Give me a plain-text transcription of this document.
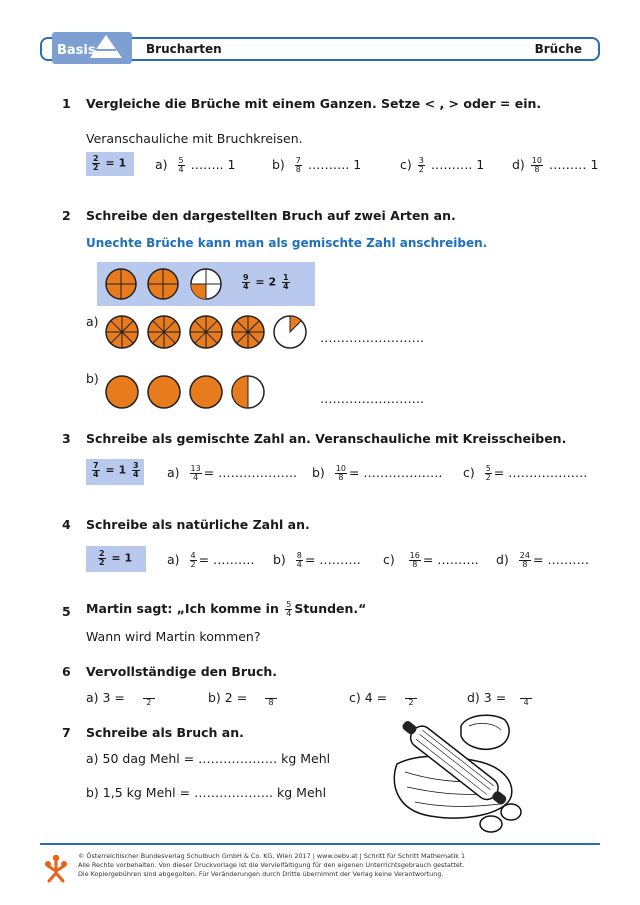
Basis	Brucharten	Brüche
1 Vergleiche die Brüche mit einem Ganzen. Setze < , > oder = ein.
Veranschauliche mit Bruchkreisen.
$\frac{2}{2} = 1$ $a) \frac{5}{4}$ …….. 1	$b) \frac{7}{8}$ ………. 1	$c) \frac{3}{2}$ ………. 1 $d) \frac{10}{8}$ ……… 1
2 Schreibe den dargestellten Bruch auf zwei Arten an.
Unechte Brüche kann man als gemischte Zahl anschreiben.
$\frac{9}{4} = 2 \frac{1}{4}$
a)
…………………….
b)
…………………….
3 Schreibe als gemischte Zahl an. Veranschauliche mit Kreisscheiben.
$\frac{7}{4} = 1 \frac{3}{4} a) \frac{13}{4}$ = ………………. $b) \frac{10}{8}$ = ………………. $c) \frac{5}{2}$ = ……………….
4 Schreibe als natürliche Zahl an.
$\frac{2}{2} = 1$	$a) \frac{4}{2}$ = ………. $b) \frac{8}{4}$ = ………. $c) \frac{16}{8}$ = ………. $d) \frac{24}{8}$ = ……….
5 Martin sagt: „Ich komme in $\frac{5}{4}$ Stunden.“
Wann wird Martin kommen?
6 Vervollständige den Bruch.
a) 3 =
	2	b) 2 =
	8	c) 4 =
	2	d) 3 =
4
7 Schreibe als Bruch an.
a) 50 dag Mehl = ………………. kg Mehl
b) 1,5 kg Mehl = ………………. kg Mehl
© Österreichischer Bundesverlag Schulbuch GmbH & Co. KG, Wien 2017 | www.oebv.at | Schritt für Schritt Mathematik 1
Alle Rechte vorbehalten. Von dieser Druckvorlage ist die Vervielfältigung für den eigenen Unterrichtsgebrauch gestattet.
Die Kopiergebühren sind abgegolten. Für Veränderungen durch Dritte übernimmt der Verlag keine Verantwortung.
